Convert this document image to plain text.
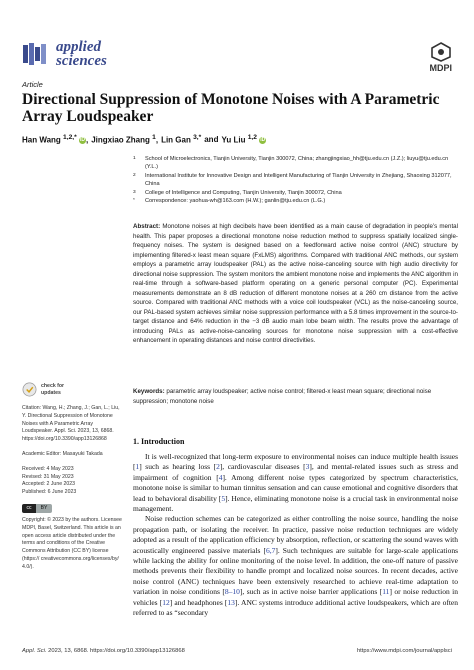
applied
sciences	MDPI
Article
Directional Suppression of Monotone Noises with A Parametric Array Loudspeaker
Han Wang $^{1,2,*}$ iD, Jingxiao Zhang $^1$, Lin Gan $^{3,*}$ and Yu Liu $^{1,2}$ iD
1	School of Microelectronics, Tianjin University, Tianjin 300072, China; zhangjingxiao_hh@tju.edu.cn (J.Z.); liuyu@tju.edu.cn (Y.L.)
2	International Institute for Innovative Design and Intelligent Manufacturing of Tianjin University in Zhejiang, Shaoxing 312077, China
3	College of Intelligence and Computing, Tianjin University, Tianjin 300072, China
*	Correspondence: yaohua-wh@163.com (H.W.); ganlin@tju.edu.cn (L.G.)
Abstract: Monotone noises at high decibels have been identified as a main cause of degradation in people’s mental health. This paper proposes a directional monotone noise reduction method to suppress spatially localized single-frequency noises. The system is designed based on a feedforward active noise control (ANC) structure by implementing filtered-x least mean square (FxLMS) algorithms. Compared with traditional ANC methods, our system employs a parametric array loudspeaker (PAL) as the active noise-canceling source with high audio directivity for directional noise suppression. The system monitors the ambient monotone noise and implements the ANC algorithm in real-time through a software-based platform operating on a generic personal computer (PC). Experimental measurements demonstrate an 8 dB reduction of different monotone noises at a 260 cm distance from the active source. Compared with traditional ANC methods with a voice coil loudspeaker (VCL) as the noise-canceling source, our PAL-based system achieves similar noise suppression performance with a 5.8 times improvement in the source-to-target distance and 64% reduction in the −3 dB audio main lobe beam width. The results prove the advantage of introducing PALs as active-noise-canceling sources for monotone noise suppression with a cost-effective enhancement in operating distances and noise control directivities.
Keywords: parametric array loudspeaker; active noise control; filtered-x least mean square; directional noise suppression; monotone noise
check for
updates
Citation: Wang, H.; Zhang, J.; Gan, L.; Liu, Y. Directional Suppression of Monotone Noises with A Parametric Array Loudspeaker. Appl. Sci. 2023, 13, 6868. https://doi.org/10.3390/app13126868
Academic Editor: Masayuki Takada
Received: 4 May 2023
Revised: 31 May 2023
Accepted: 2 June 2023
Published: 6 June 2023
cc	BY
Copyright: © 2023 by the authors. Licensee MDPI, Basel, Switzerland. This article is an open access article distributed under the terms and conditions of the Creative Commons Attribution (CC BY) license (https:// creativecommons.org/licenses/by/ 4.0/).
1. Introduction

It is well-recognized that long-term exposure to environmental noises can induce multiple health issues [1] such as hearing loss [2], cardiovascular diseases [3], and mental-related issues such as stress and impairment of cognition [4]. Among different noise types categorized by spectrum characteristics, monotone noise is similar to human tinnitus sensation and can cause emotional and cognitive disorders that lead to behavioral disability [5]. Hence, eliminating monotone noise is a crucial task in environmental noise management.

Noise reduction schemes can be categorized as either controlling the noise source, handling the noise propagation path, or isolating the receiver. In practice, passive noise reduction techniques are widely adopted as a result of the application efficiency by absorption, reflection, or scattering the sound waves with acoustically engineered passive materials [6,7]. Such techniques are suitable for large-scale applications while lacking the ability for online monitoring of the noise level. In addition, the one-off nature of passive methods prevents their flexibility to handle prompt and localized noise sources. In recent decades, active noise control (ANC) techniques have been extensively researched to achieve real-time adaptation to variation in noise conditions [8–10], such as in active noise barrier applications [11] or noise reduction in vehicles [12] and headphones [13]. ANC systems introduce additional active loudspeakers, which are often referred to as “secondary

Appl. Sci. 2023, 13, 6868. https://doi.org/10.3390/app13126868	https://www.mdpi.com/journal/applsci
